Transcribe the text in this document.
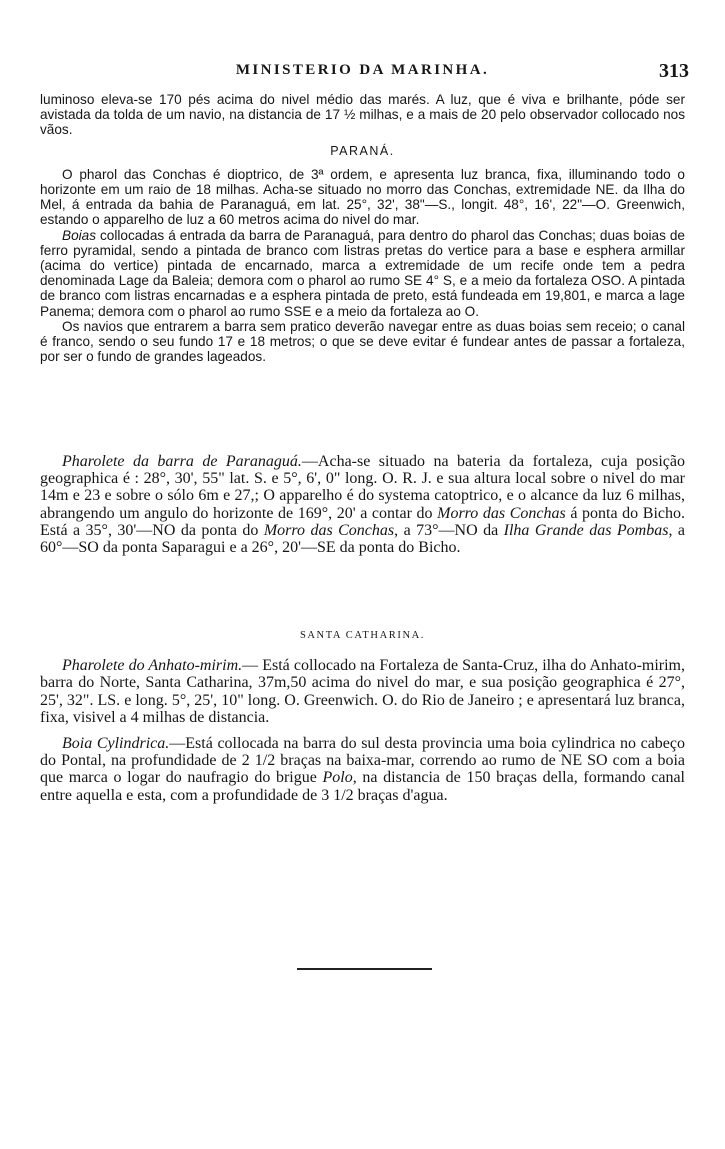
MINISTERIO DA MARINHA.	313

luminoso eleva-se 170 pés acima do nivel médio das marés. A luz, que é viva e brilhante, póde ser avistada da tolda de um navio, na distancia de 17 ½ milhas, e a mais de 20 pelo observador collocado nos vãos.

PARANÁ.

O pharol das Conchas é dioptrico, de 3ª ordem, e apresenta luz branca, fixa, illuminando todo o horizonte em um raio de 18 milhas. Acha-se situado no morro das Conchas, extremidade NE. da Ilha do Mel, á entrada da bahia de Paranaguá, em lat. 25°, 32', 38"—S., longit. 48°, 16', 22"—O. Greenwich, estando o apparelho de luz a 60 metros acima do nivel do mar.

Boias collocadas á entrada da barra de Paranaguá, para dentro do pharol das Conchas; duas boias de ferro pyramidal, sendo a pintada de branco com listras pretas do vertice para a base e esphera armillar (acima do vertice) pintada de encarnado, marca a extremidade de um recife onde tem a pedra denominada Lage da Baleia; demora com o pharol ao rumo SE 4° S, e a meio da fortaleza OSO. A pintada de branco com listras encarnadas e a esphera pintada de preto, está fundeada em 19,801, e marca a lage Panema; demora com o pharol ao rumo SSE e a meio da fortaleza ao O.

Os navios que entrarem a barra sem pratico deverão navegar entre as duas boias sem receio; o canal é franco, sendo o seu fundo 17 e 18 metros; o que se deve evitar é fundear antes de passar a fortaleza, por ser o fundo de grandes lageados.

Pharolete da barra de Paranaguá.—Acha-se situado na bateria da fortaleza, cuja posição geographica é : 28°, 30', 55" lat. S. e 5°, 6', 0" long. O. R. J. e sua altura local sobre o nivel do mar 14m e 23 e sobre o sólo 6m e 27,; O apparelho é do systema catoptrico, e o alcance da luz 6 milhas, abrangendo um angulo do horizonte de 169°, 20' a contar do Morro das Conchas á ponta do Bicho. Está a 35°, 30'—NO da ponta do Morro das Conchas, a 73°—NO da Ilha Grande das Pombas, a 60°—SO da ponta Saparagui e a 26°, 20'—SE da ponta do Bicho.

SANTA CATHARINA.

Pharolete do Anhato-mirim.— Está collocado na Fortaleza de Santa-Cruz, ilha do Anhato-mirim, barra do Norte, Santa Catharina, 37m,50 acima do nivel do mar, e sua posição geographica é 27°, 25', 32". LS. e long. 5°, 25', 10" long. O. Greenwich. O. do Rio de Janeiro ; e apresentará luz branca, fixa, visivel a 4 milhas de distancia.

Boia Cylindrica.—Está collocada na barra do sul desta provincia uma boia cylindrica no cabeço do Pontal, na profundidade de 2 1/2 braças na baixa-mar, correndo ao rumo de NE SO com a boia que marca o logar do naufragio do brigue Polo, na distancia de 150 braças della, formando canal entre aquella e esta, com a profundidade de 3 1/2 braças d'agua.
